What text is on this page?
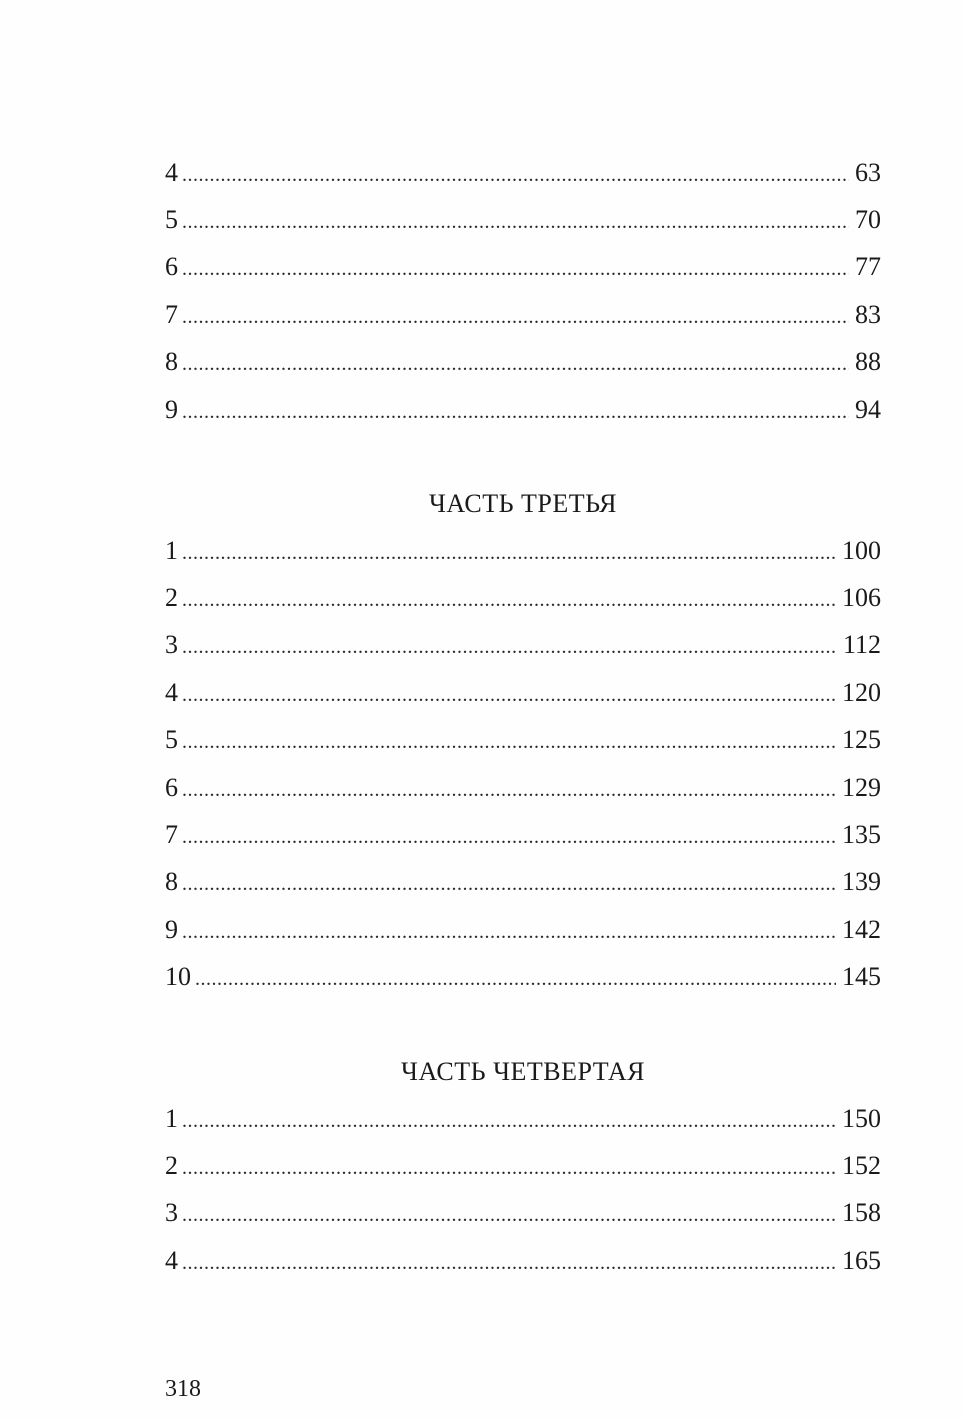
4 .....	63
5 .....	70
6 .....	77
7 .....	83
8 .....	88
9 .....	94
ЧАСТЬ ТРЕТЬЯ
1 .....	100
2 .....	106
3 .....	112
4 .....	120
5 .....	125
6 .....	129
7 .....	135
8 .....	139
9 .....	142
10 .....	145
ЧАСТЬ ЧЕТВЕРТАЯ
1 .....	150
2 .....	152
3 .....	158
4 .....	165
318
